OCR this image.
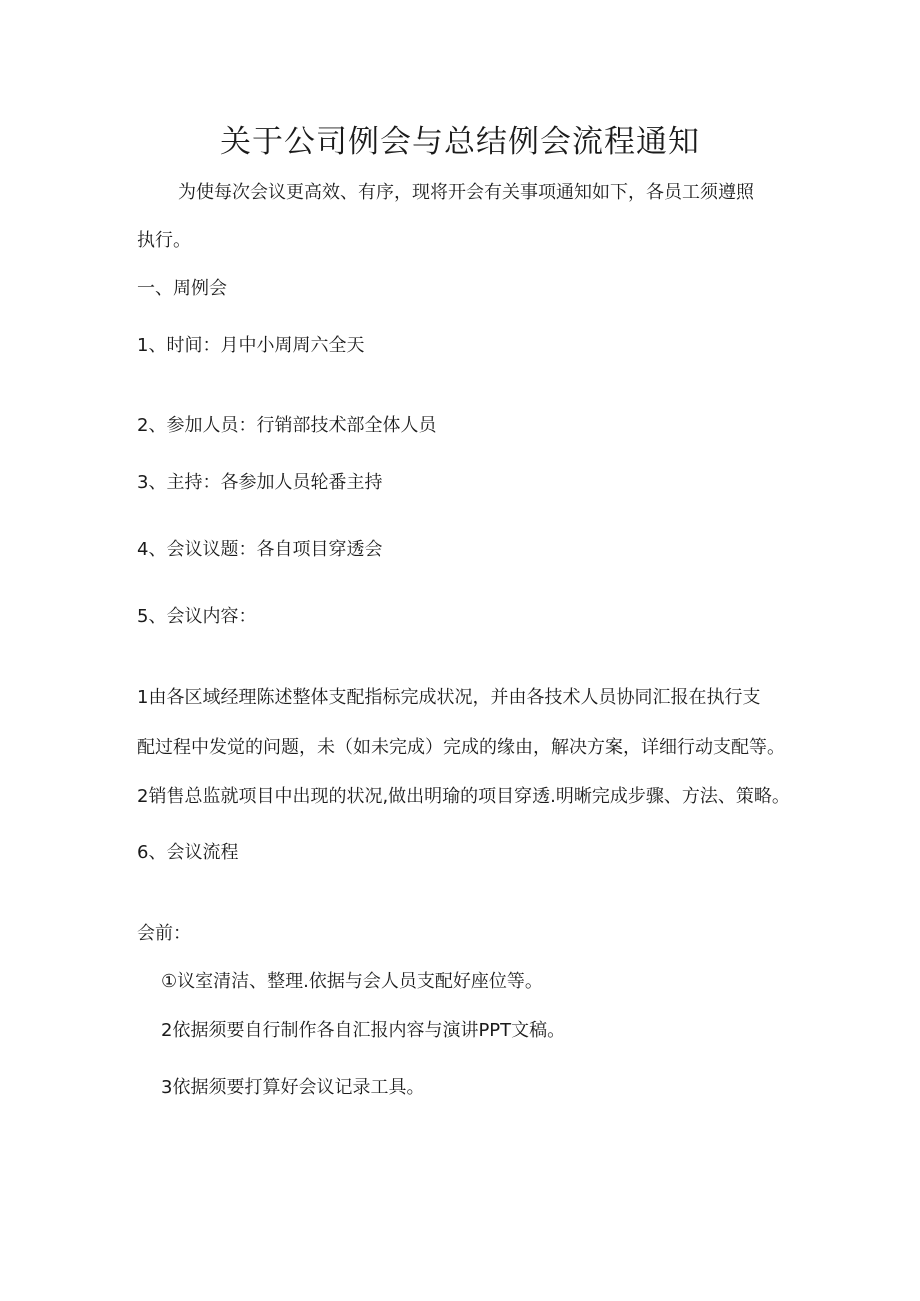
关于公司例会与总结例会流程通知
为使每次会议更高效、有序，现将开会有关事项通知如下，各员工须遵照
执行。
一、周例会
1、时间：月中小周周六全天
2、参加人员：行销部技术部全体人员
3、主持：各参加人员轮番主持
4、会议议题：各自项目穿透会
5、会议内容：
1由各区域经理陈述整体支配指标完成状况，并由各技术人员协同汇报在执行支
配过程中发觉的问题，未（如未完成）完成的缘由，解决方案，详细行动支配等。
2销售总监就项目中出现的状况,做出明瑜的项目穿透.明晰完成步骤、方法、策略。
6、会议流程
会前：
①议室清洁、整理.依据与会人员支配好座位等。
2依据须要自行制作各自汇报内容与演讲PPT文稿。
3依据须要打算好会议记录工具。
